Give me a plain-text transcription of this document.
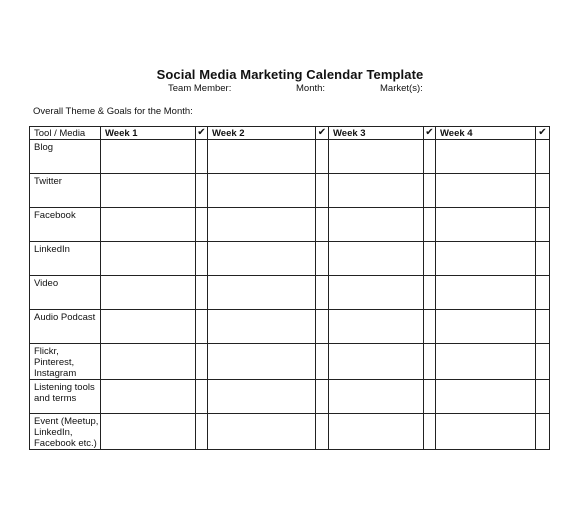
Social Media Marketing Calendar Template
Team Member:	Month:	Market(s):
Overall Theme & Goals for the Month:
Tool / Media	Week 1	✔	Week 2	✔	Week 3	✔	Week 4	✔
Blog								
Twitter								
Facebook								
LinkedIn								
Video								
Audio Podcast								
Flickr, Pinterest, Instagram								
Listening tools and terms								
Event (Meetup, LinkedIn, Facebook etc.)								
